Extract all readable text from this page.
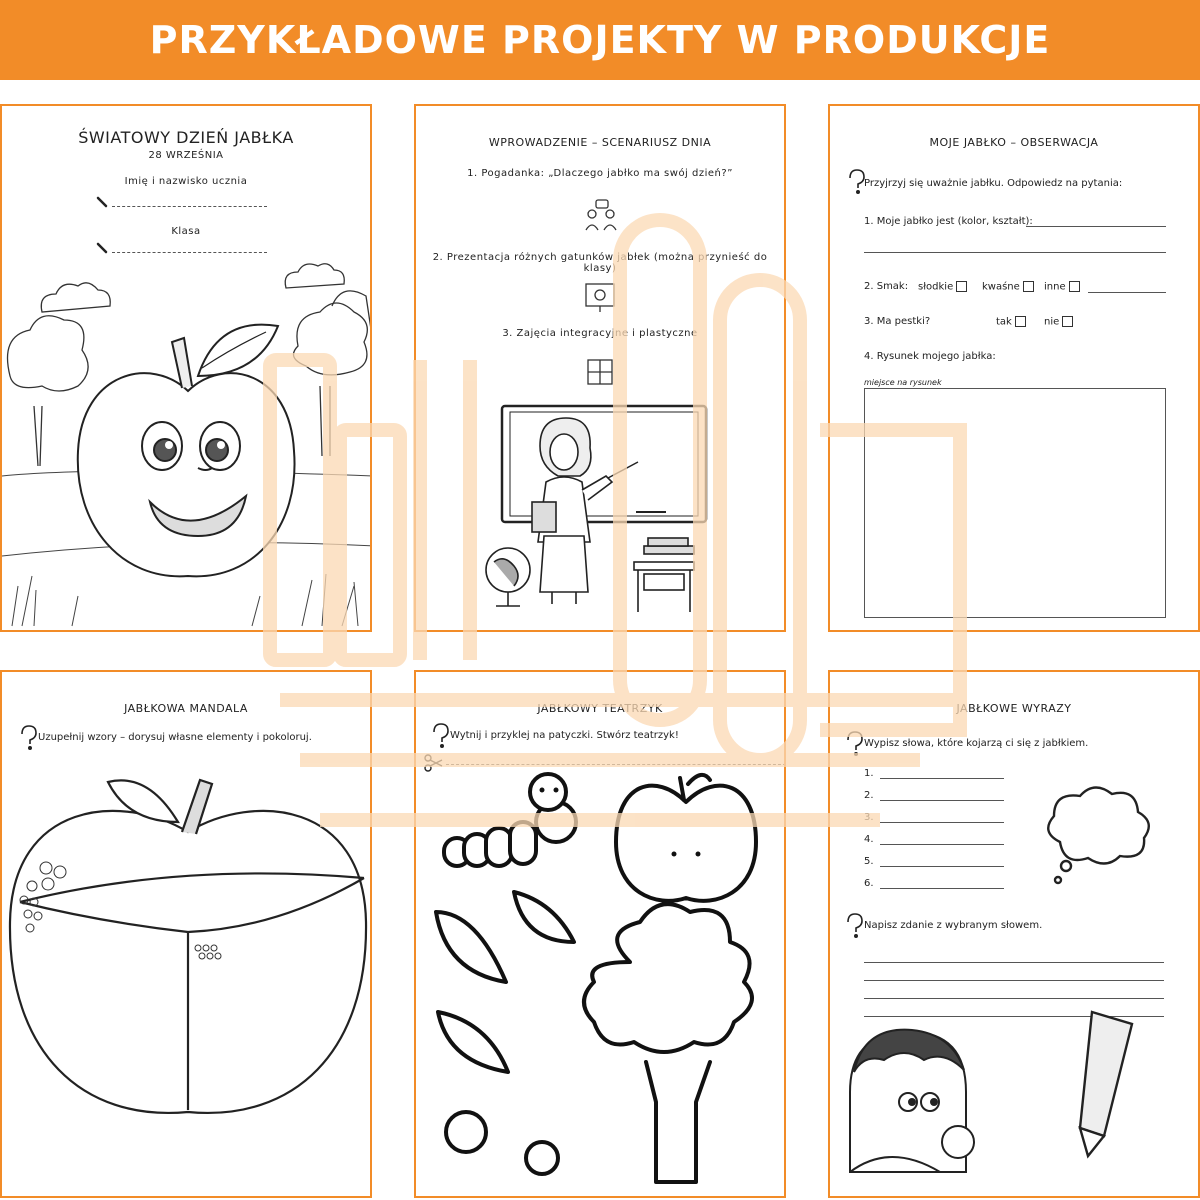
PRZYKŁADOWE PROJEKTY W PRODUKCJE
ŚWIATOWY DZIEŃ JABŁKA
28 WRZEŚNIA
Imię i nazwisko ucznia
Klasa
WPROWADZENIE – SCENARIUSZ DNIA
1. Pogadanka: „Dlaczego jabłko ma swój dzień?”
2. Prezentacja różnych gatunków jabłek (można przynieść do klasy)
3. Zajęcia integracyjne i plastyczne
MOJE JABŁKO – OBSERWACJA
Przyjrzyj się uważnie jabłku. Odpowiedz na pytania:
1. Moje jabłko jest (kolor, kształt):
2. Smak: słodkie	kwaśne	inne
3. Ma pestki?	tak	nie
4. Rysunek mojego jabłka:
miejsce na rysunek
JABŁKOWA MANDALA
Uzupełnij wzory – dorysuj własne elementy i pokoloruj.
JABŁKOWY TEATRZYK
Wytnij i przyklej na patyczki. Stwórz teatrzyk!
JABŁKOWE WYRAZY
Wypisz słowa, które kojarzą ci się z jabłkiem.
1.
2.
3.
4.
5.
6.
Napisz zdanie z wybranym słowem.
